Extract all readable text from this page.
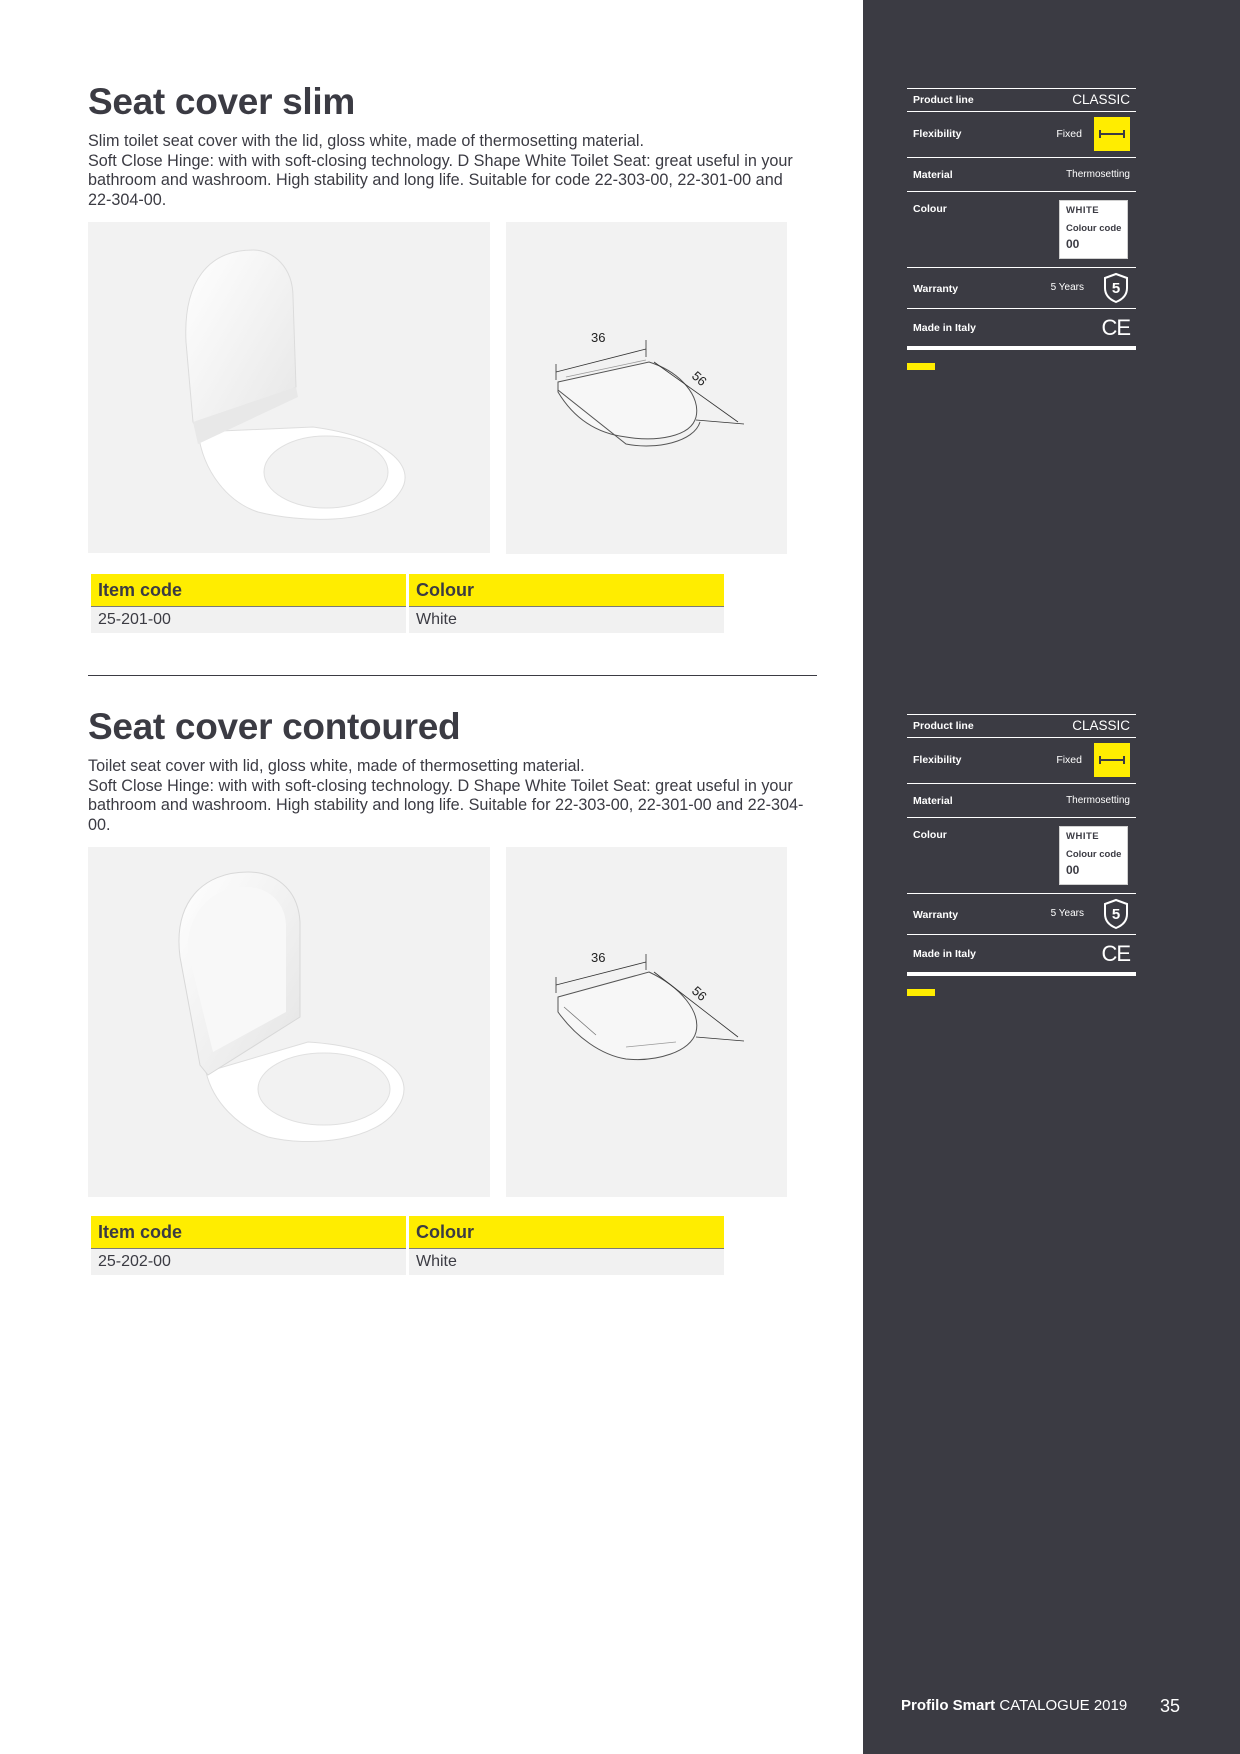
Seat cover slim
Slim toilet seat cover with the lid, gloss white, made of thermosetting material.
Soft Close Hinge: with with soft-closing technology. D Shape White Toilet Seat: great useful in your bathroom and washroom. High stability and long life. Suitable for code 22-303-00, 22-301-00 and 22-304-00.
36
56
Item code	Colour
25-201-00	White
Product line	CLASSIC
Flexibility	Fixed
Material	Thermosetting
Colour	WHITE
Colour code
00
Warranty	5 Years 5
Made in Italy	CE
Seat cover contoured
Toilet seat cover with lid, gloss white, made of thermosetting material.
Soft Close Hinge: with with soft-closing technology. D Shape White Toilet Seat: great useful in your bathroom and washroom. High stability and long life. Suitable for 22-303-00, 22-301-00 and 22-304-00.
36
56
Item code	Colour
25-202-00	White
Product line	CLASSIC
Flexibility	Fixed
Material	Thermosetting
Colour	WHITE
Colour code
00
Warranty	5 Years 5
Made in Italy	CE
Profilo Smart CATALOGUE 2019 35
